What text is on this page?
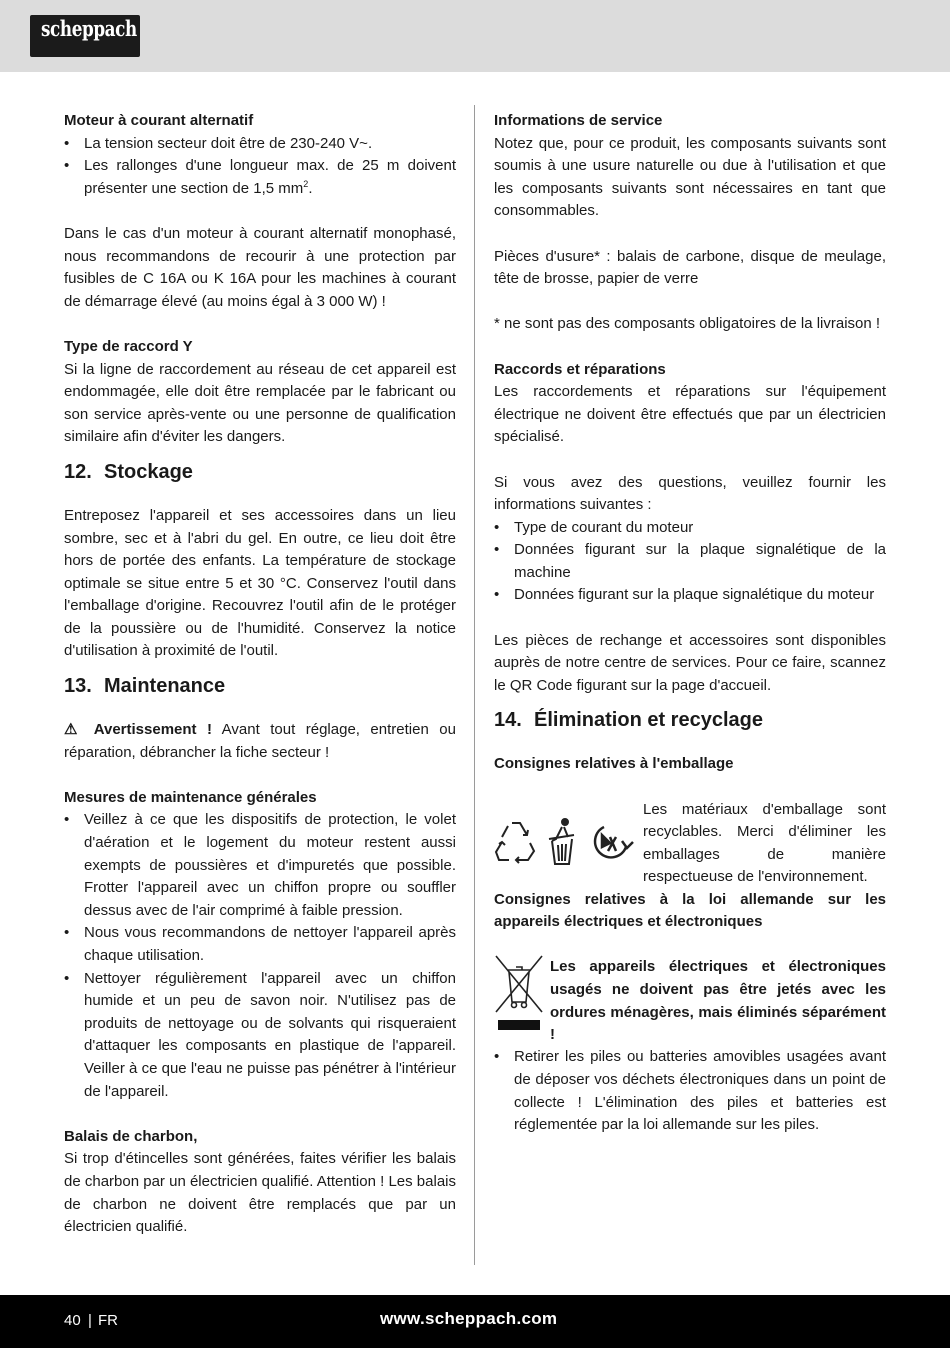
scheppach

Moteur à courant alternatif

• La tension secteur doit être de 230-240 V~.
• Les rallonges d'une longueur max. de 25 m doivent présenter une section de 1,5 $mm^2$.

Dans le cas d'un moteur à courant alternatif monophasé, nous recommandons de recourir à une protection par fusibles de C 16A ou K 16A pour les machines à courant de démarrage élevé (au moins égal à 3 000 W) !

Type de raccord Y

Si la ligne de raccordement au réseau de cet appareil est endommagée, elle doit être remplacée par le fabricant ou son service après-vente ou une personne de qualification similaire afin d'éviter les dangers.

12. Stockage

Entreposez l'appareil et ses accessoires dans un lieu sombre, sec et à l'abri du gel. En outre, ce lieu doit être hors de portée des enfants. La température de stockage optimale se situe entre 5 et 30 °C. Conservez l'outil dans l'emballage d'origine. Recouvrez l'outil afin de le protéger de la poussière ou de l'humidité. Conservez la notice d'utilisation à proximité de l'outil.

13. Maintenance

⚠ Avertissement ! Avant tout réglage, entretien ou réparation, débrancher la fiche secteur !

Mesures de maintenance générales

• Veillez à ce que les dispositifs de protection, le volet d'aération et le logement du moteur restent aussi exempts de poussières et d'impuretés que possible. Frotter l'appareil avec un chiffon propre ou souffler dessus avec de l'air comprimé à faible pression.
• Nous vous recommandons de nettoyer l'appareil après chaque utilisation.
• Nettoyer régulièrement l'appareil avec un chiffon humide et un peu de savon noir. N'utilisez pas de produits de nettoyage ou de solvants qui risqueraient d'attaquer les composants en plastique de l'appareil. Veiller à ce que l'eau ne puisse pas pénétrer à l'intérieur de l'appareil.

Balais de charbon,

Si trop d'étincelles sont générées, faites vérifier les balais de charbon par un électricien qualifié. Attention ! Les balais de charbon ne doivent être remplacés que par un électricien qualifié.

Informations de service

Notez que, pour ce produit, les composants suivants sont soumis à une usure naturelle ou due à l'utilisation et que les composants suivants sont nécessaires en tant que consommables.

Pièces d'usure* : balais de carbone, disque de meulage, tête de brosse, papier de verre

* ne sont pas des composants obligatoires de la livraison !

Raccords et réparations

Les raccordements et réparations sur l'équipement électrique ne doivent être effectués que par un électricien spécialisé.

Si vous avez des questions, veuillez fournir les informations suivantes :

• Type de courant du moteur
• Données figurant sur la plaque signalétique de la machine
• Données figurant sur la plaque signalétique du moteur

Les pièces de rechange et accessoires sont disponibles auprès de notre centre de services. Pour ce faire, scannez le QR Code figurant sur la page d'accueil.

14. Élimination et recyclage

Consignes relatives à l'emballage

Les matériaux d'emballage sont recyclables. Merci d'éliminer les emballages de manière respectueuse de l'environnement.

Consignes relatives à la loi allemande sur les appareils électriques et électroniques

Les appareils électriques et électroniques usagés ne doivent pas être jetés avec les ordures ménagères, mais éliminés séparément !
• Retirer les piles ou batteries amovibles usagées avant de déposer vos déchets électroniques dans un point de collecte ! L'élimination des piles et batteries est réglementée par la loi allemande sur les piles.
40 | FR	www.scheppach.com
